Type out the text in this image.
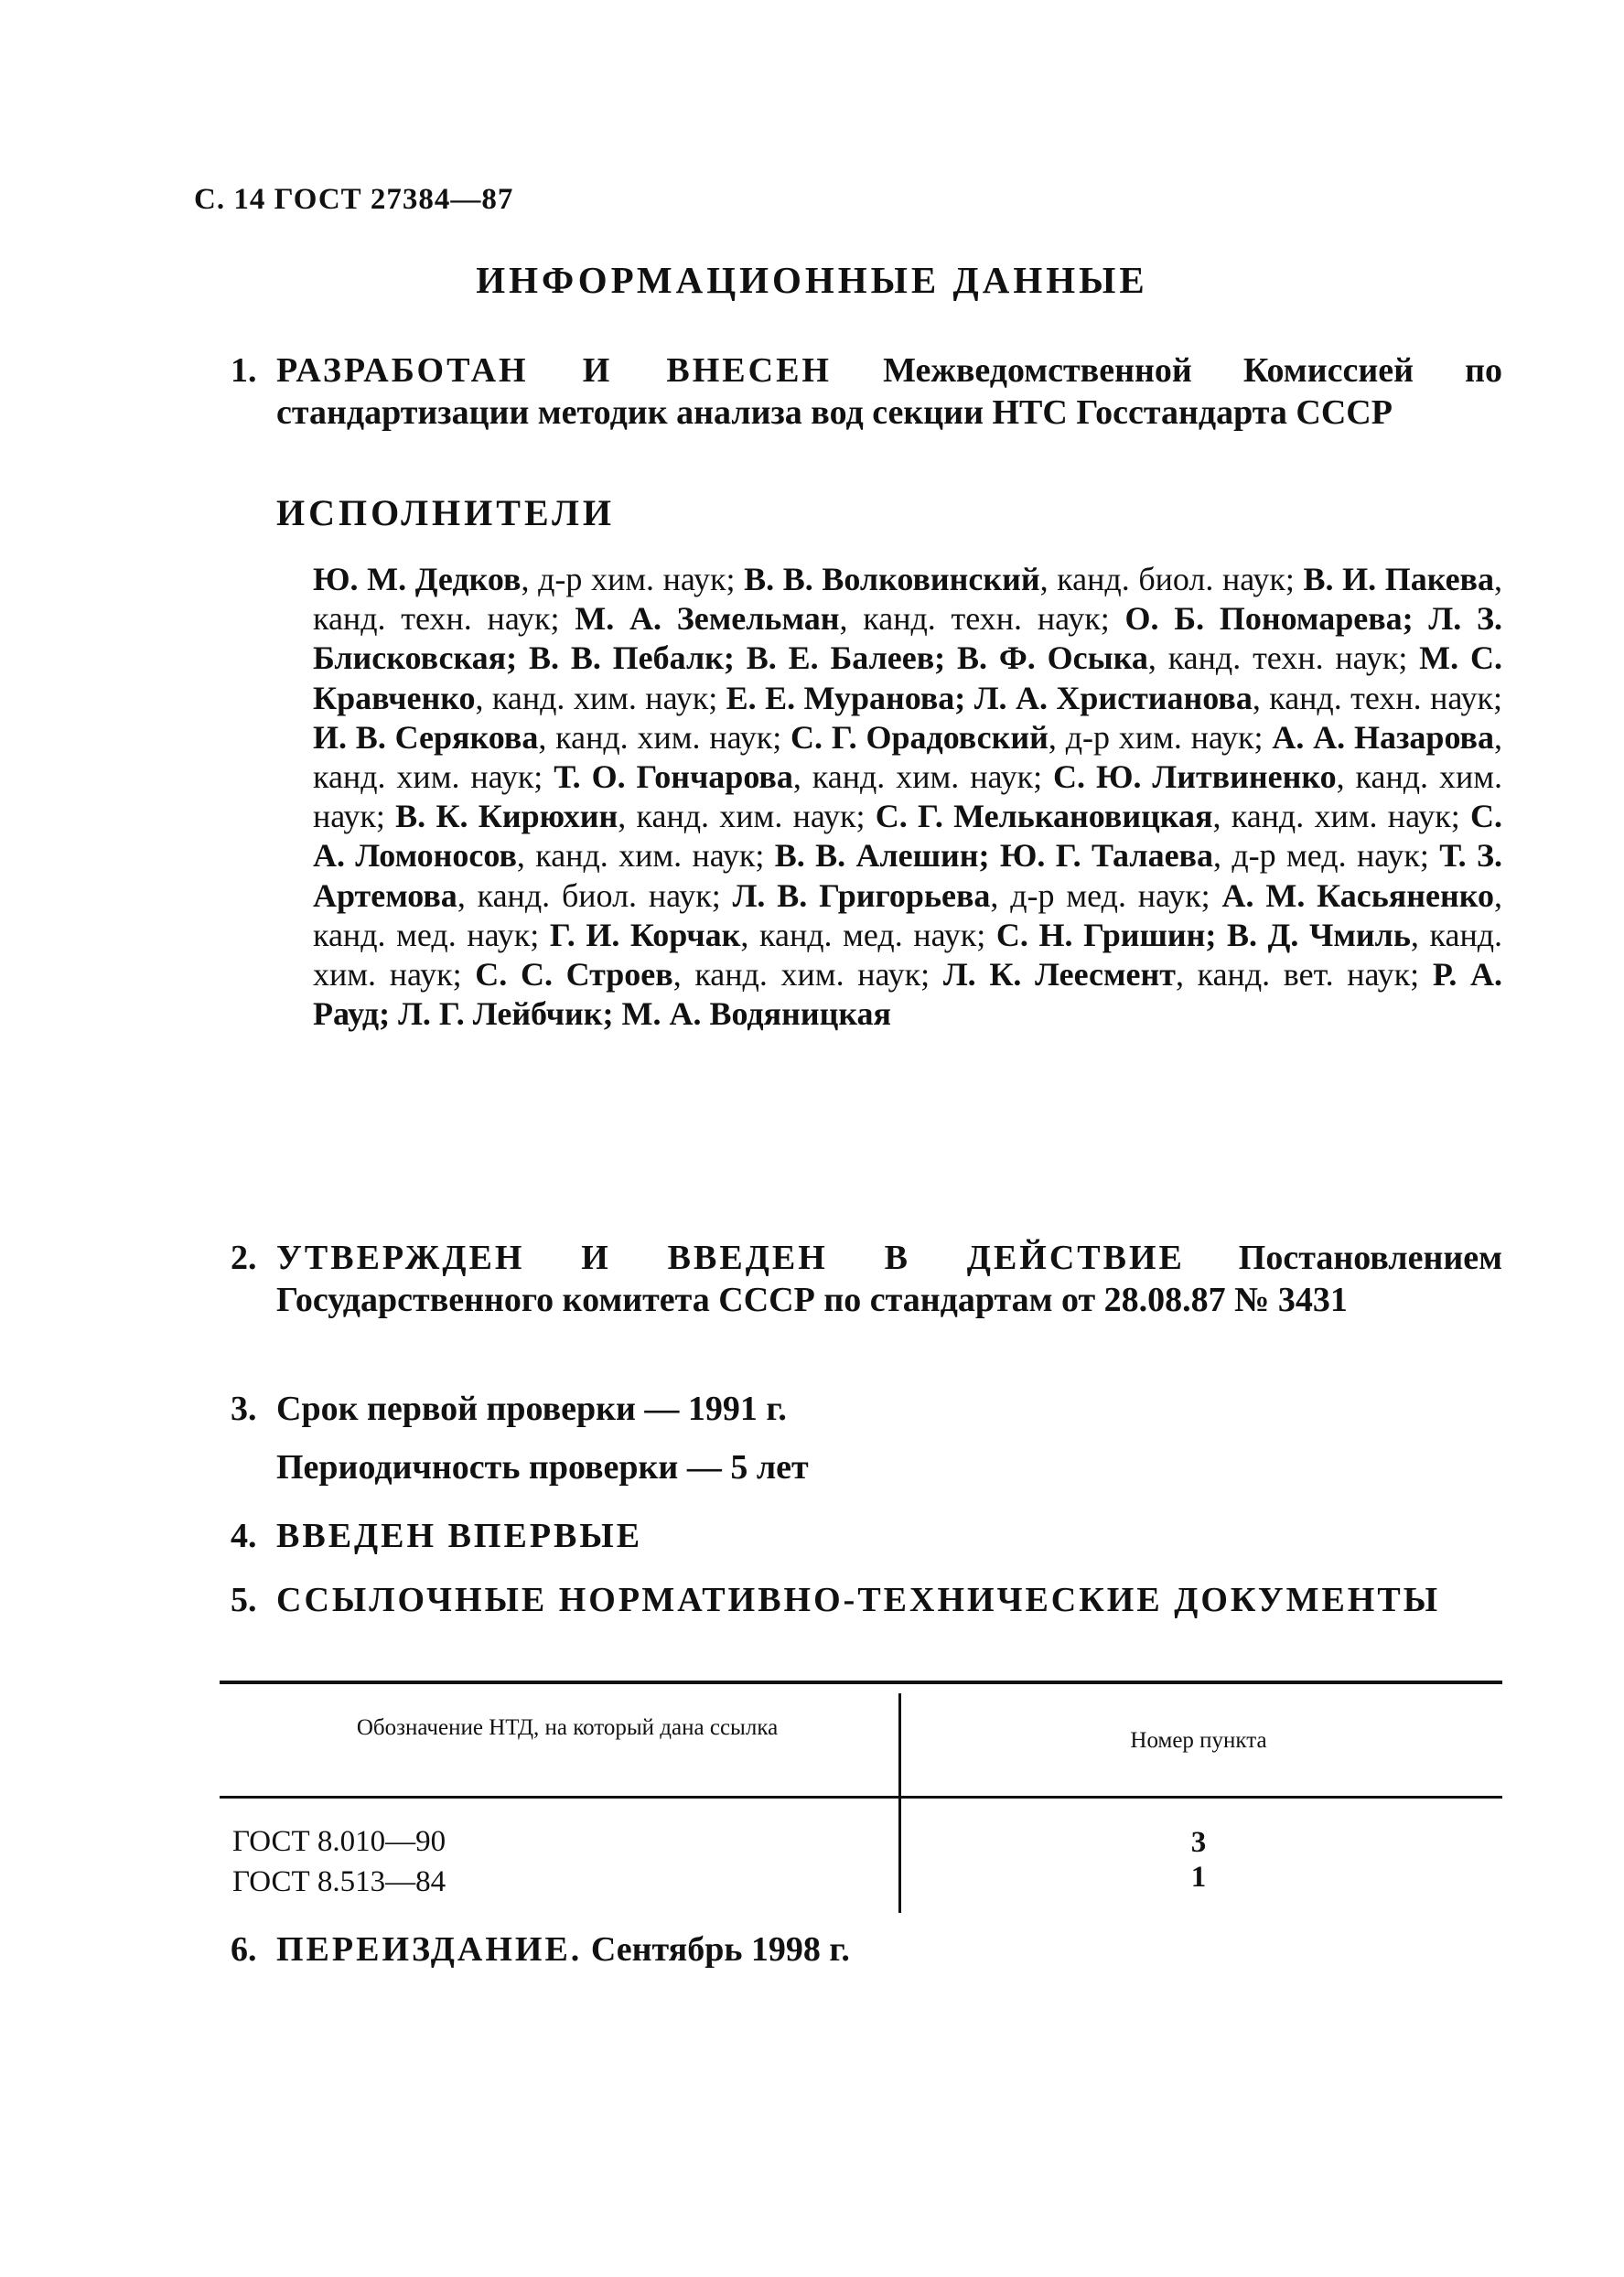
С. 14 ГОСТ 27384—87
ИНФОРМАЦИОННЫЕ ДАННЫЕ
1. РАЗРАБОТАН И ВНЕСЕН Межведомственной Комиссией по стандартизации методик анализа вод секции НТС Госстандарта СССР
ИСПОЛНИТЕЛИ
Ю. М. Дедков, д-р хим. наук; В. В. Волковинский, канд. биол. наук; В. И. Пакева, канд. техн. наук; М. А. Земельман, канд. техн. наук; О. Б. Пономарева; Л. З. Блисковская; В. В. Пебалк; В. Е. Балеев; В. Ф. Осыка, канд. техн. наук; М. С. Кравченко, канд. хим. наук; Е. Е. Муранова; Л. А. Христианова, канд. техн. наук; И. В. Серякова, канд. хим. наук; С. Г. Орадовский, д-р хим. наук; А. А. Назарова, канд. хим. наук; Т. О. Гончарова, канд. хим. наук; С. Ю. Литвиненко, канд. хим. наук; В. К. Кирюхин, канд. хим. наук; С. Г. Мелькановицкая, канд. хим. наук; С. А. Ломоносов, канд. хим. наук; В. В. Алешин; Ю. Г. Талаева, д-р мед. наук; Т. З. Артемова, канд. биол. наук; Л. В. Григорьева, д-р мед. наук; А. М. Касьяненко, канд. мед. наук; Г. И. Корчак, канд. мед. наук; С. Н. Гришин; В. Д. Чмиль, канд. хим. наук; С. С. Строев, канд. хим. наук; Л. К. Леесмент, канд. вет. наук; Р. А. Рауд; Л. Г. Лейбчик; М. А. Водяницкая
2. УТВЕРЖДЕН И ВВЕДЕН В ДЕЙСТВИЕ Постановлением Государственного комитета СССР по стандартам от 28.08.87 № 3431
3. Срок первой проверки — 1991 г.
Периодичность проверки — 5 лет
4. ВВЕДЕН ВПЕРВЫЕ
5. ССЫЛОЧНЫЕ НОРМАТИВНО-ТЕХНИЧЕСКИЕ ДОКУМЕНТЫ
Обозначение НТД, на который дана ссылка
Номер пункта
ГОСТ 8.010—90
ГОСТ 8.513—84
3
1
6. ПЕРЕИЗДАНИЕ. Сентябрь 1998 г.
